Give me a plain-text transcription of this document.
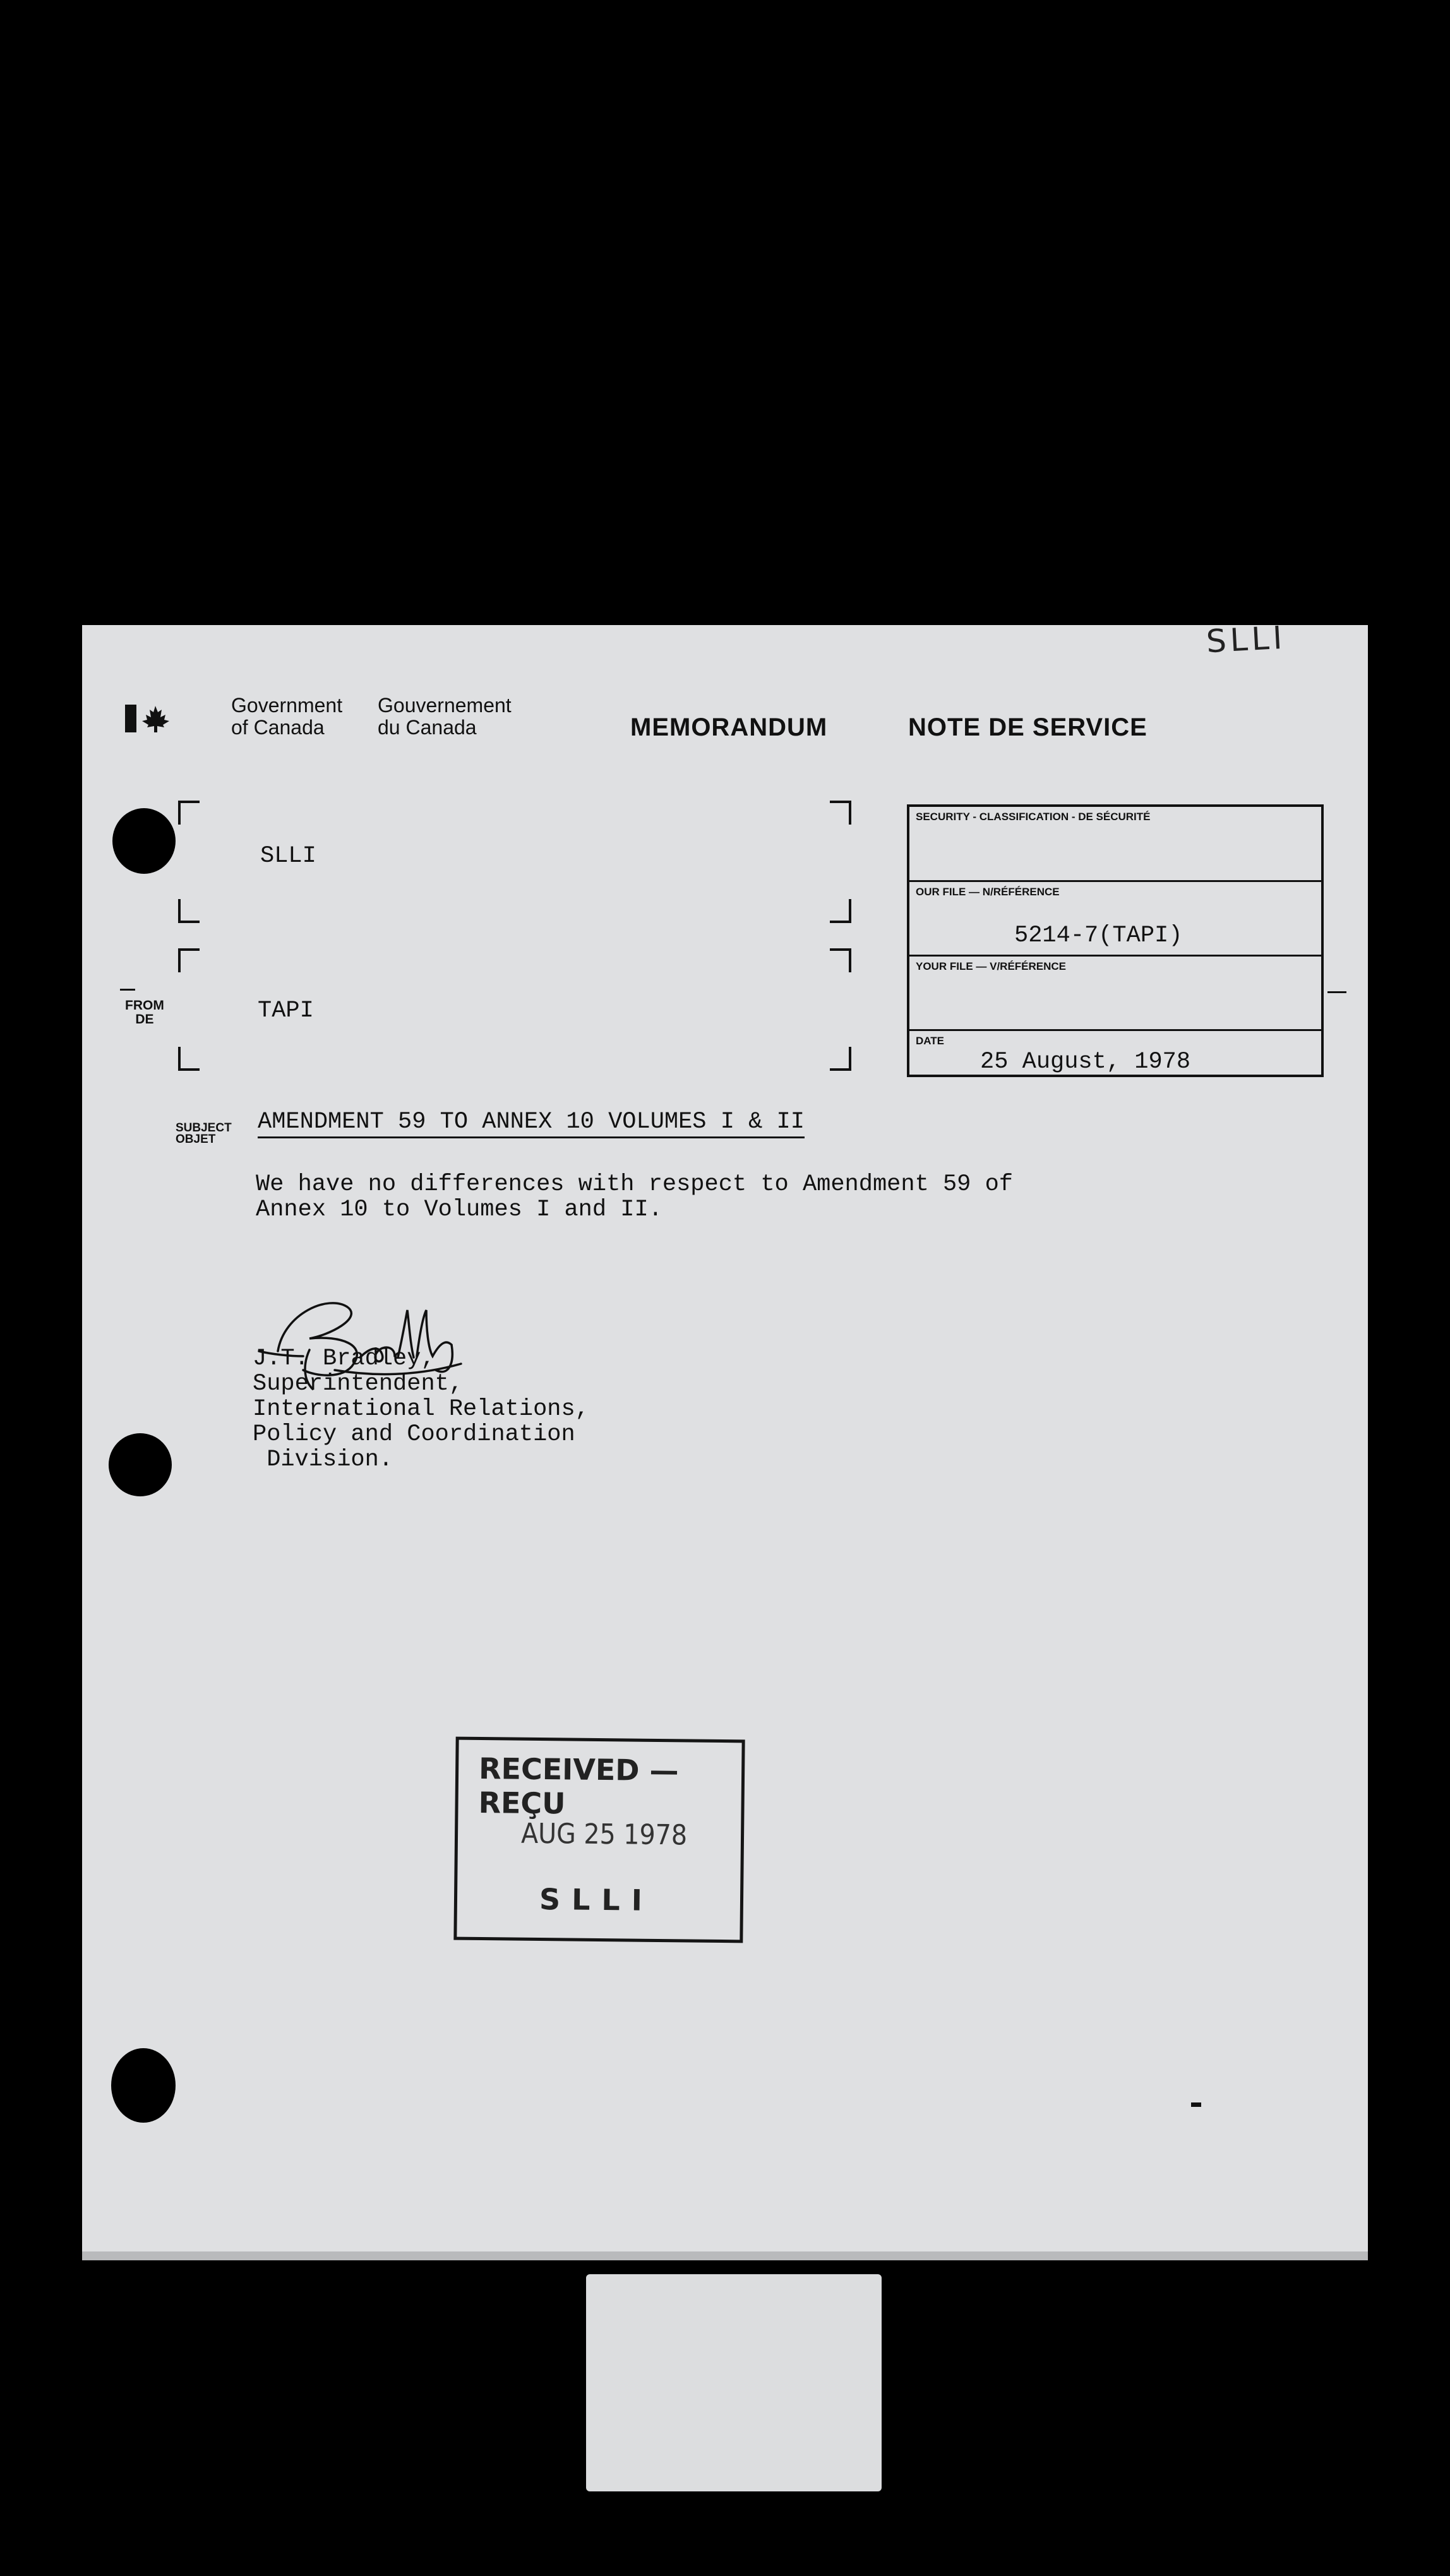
SLLI
Government
of Canada
Gouvernement
du Canada	MEMORANDUM	NOTE DE SERVICE
SLLI
FROM
DE	TAPI
SECURITY - CLASSIFICATION - DE SÉCURITÉ
OUR FILE — N/RÉFÉRENCE
5214-7(TAPI)
YOUR FILE — V/RÉFÉRENCE
DATE
25 August, 1978
SUBJECT
OBJET
AMENDMENT 59 TO ANNEX 10 VOLUMES I & II
We have no differences with respect to Amendment 59 of
Annex 10 to Volumes I and II.
J.T. Bradley,
Superintendent,
International Relations,
Policy and Coordination
Division.
RECEIVED — REÇU
AUG 25 1978
SLLI
